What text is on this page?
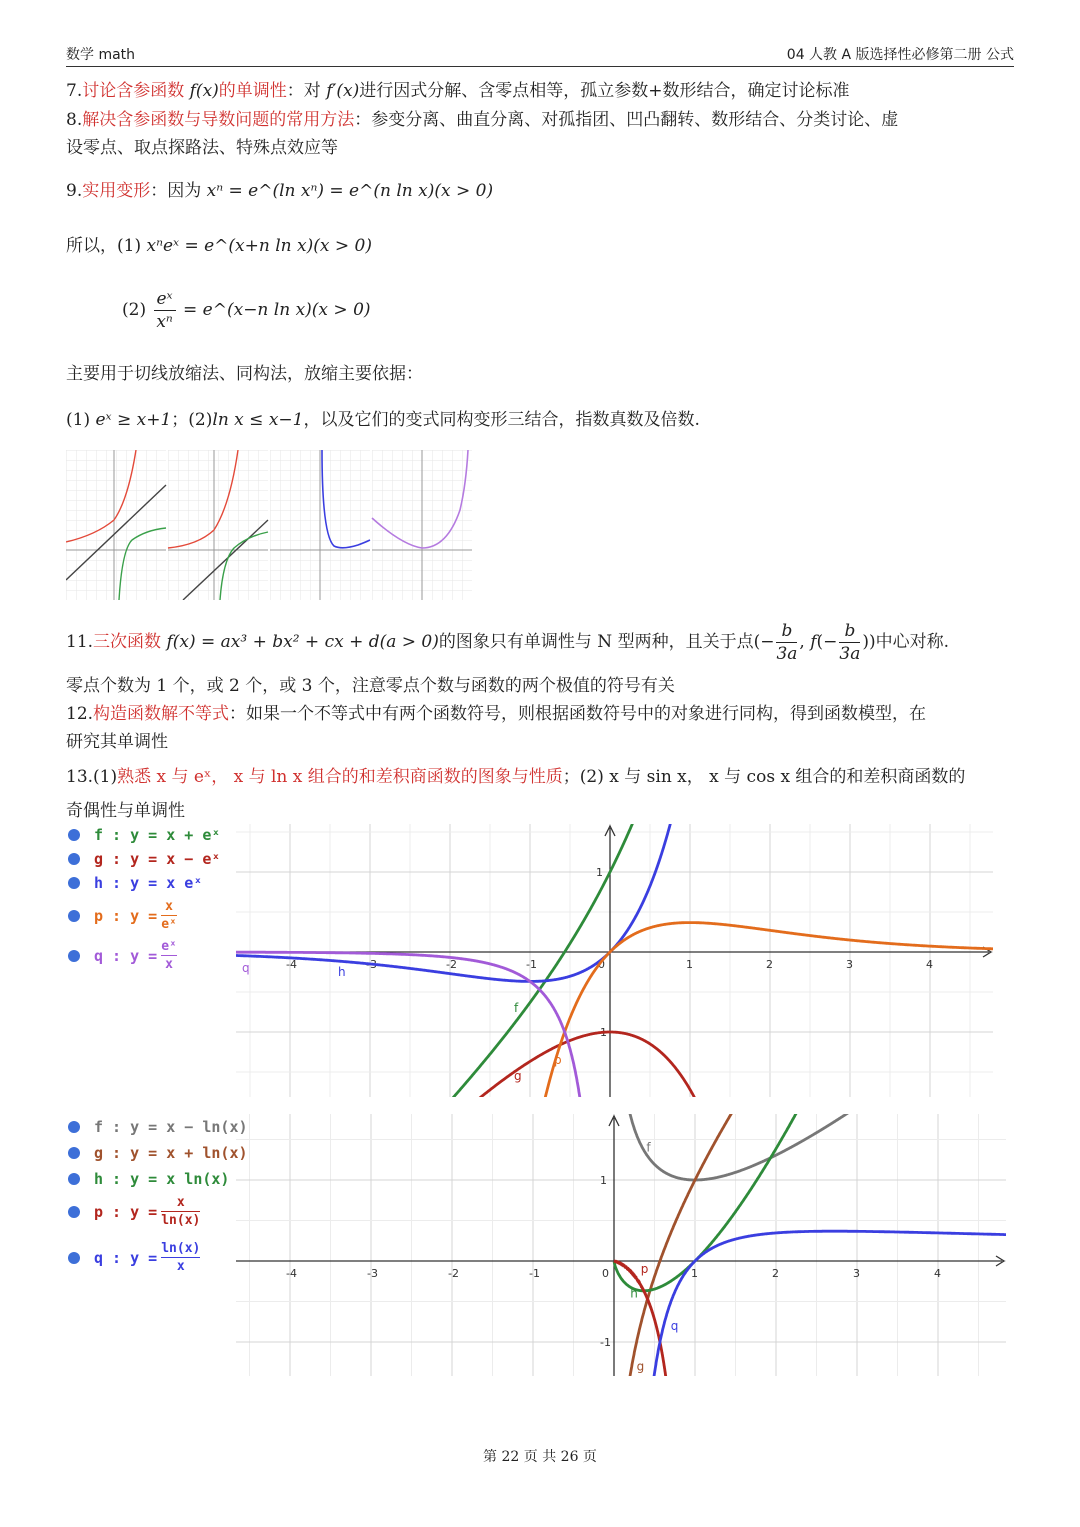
数学 math	04 人教 A 版选择性必修第二册 公式
7.讨论含参函数 f(x)的单调性：对 f′(x)进行因式分解、含零点相等，孤立参数+数形结合，确定讨论标准
8.解决含参函数与导数问题的常用方法：参变分离、曲直分离、对孤指团、凹凸翻转、数形结合、分类讨论、虚
设零点、取点探路法、特殊点效应等
9.实用变形：因为 xⁿ = e^(ln xⁿ) = e^(n ln x)(x > 0)
所以，(1) xⁿeˣ = e^(x+n ln x)(x > 0)
$(2) \frac{\text{eˣ}}{\text{xⁿ}}$ = e^(x−n ln x)(x > 0)
主要用于切线放缩法、同构法，放缩主要依据：
(1) eˣ ≥ x+1；(2)ln x ≤ x−1，以及它们的变式同构变形三结合，指数真数及倍数.
11.三次函数 f(x) = ax³ + bx² + cx + d(a > 0)的图象只有单调性与 N 型两种，且关于点(− $\frac{b}{3a}$ , $f(- \frac{b}{3a}$ ))中心对称.
零点个数为 1 个，或 2 个，或 3 个，注意零点个数与函数的两个极值的符号有关
12.构造函数解不等式：如果一个不等式中有两个函数符号，则根据函数符号中的对象进行同构，得到函数模型，在
研究其单调性
13.(1)熟悉 x 与 eˣ， x 与 ln x 组合的和差积商函数的图象与性质；(2) x 与 sin x， x 与 cos x 组合的和差积商函数的
奇偶性与单调性
f : y = x + eˣ
g : y = x − eˣ
h : y = x eˣ
p : $y = \frac{x}{\text{eˣ}}$
q : $y = \frac{\text{eˣ}}{x}$	-4	-3	-2	-1	0	1	2	3	4
1
-1
f
g
h
p
q
f : y = x − ln(x)
g : y = x + ln(x)
h : y = x ln(x)
p : $y = \frac{x}{\ln(x)}$
q : $y = \frac{\ln(x)}{x}$	-4	-3	-2	-1	0	1	2	3	4
1
-1
f
g
h
p
q
第 22 页 共 26 页
